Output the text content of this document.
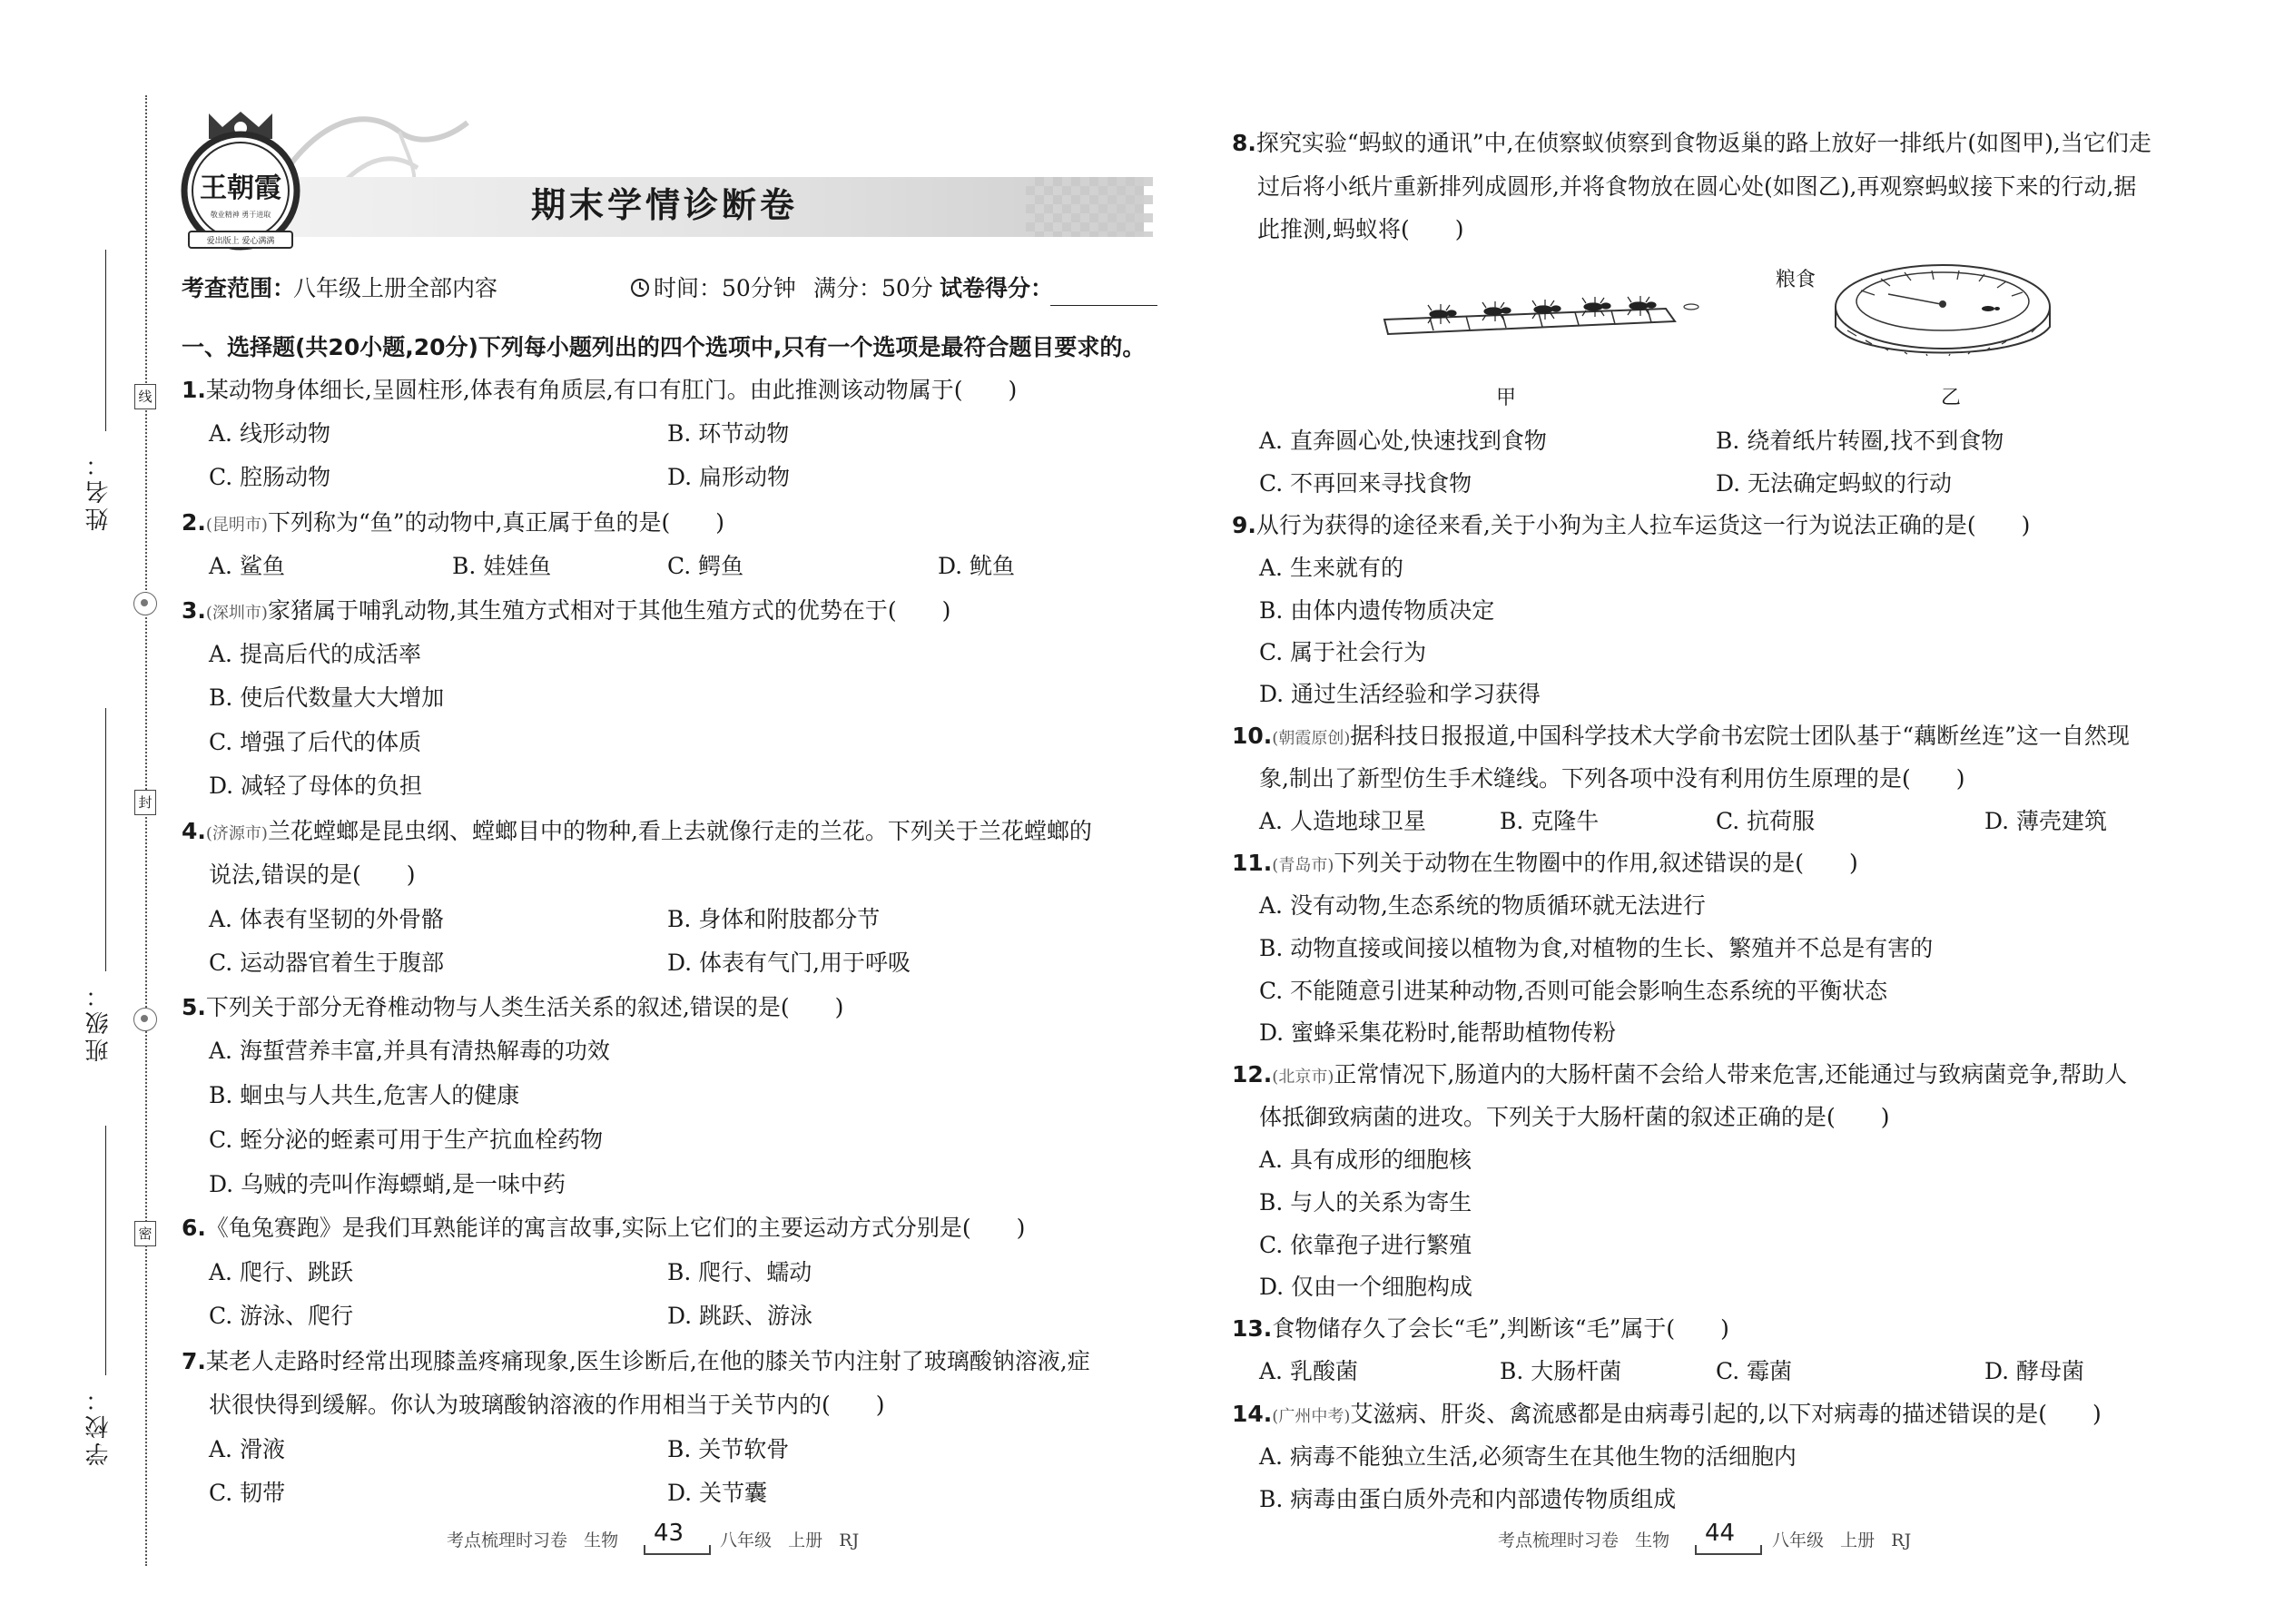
姓名：
班级：
学校：
线
封
密
王朝霞
敬业精神 勇于进取
爱出版上 爱心满满
期末学情诊断卷
考查范围：
八年级上册全部内容	时间：50分钟 满分：50分 试卷得分：
一、选择题(共20小题,20分)下列每小题列出的四个选项中,只有一个选项是最符合题目要求的。
1.某动物身体细长,呈圆柱形,体表有角质层,有口有肛门。由此推测该动物属于(　　)
A. 线形动物	B. 环节动物
C. 腔肠动物	D. 扁形动物
2.(昆明市)下列称为“鱼”的动物中,真正属于鱼的是(　　)
A. 鲨鱼	B. 娃娃鱼	C. 鳄鱼	D. 鱿鱼
3.(深圳市)家猪属于哺乳动物,其生殖方式相对于其他生殖方式的优势在于(　　)
A. 提高后代的成活率
B. 使后代数量大大增加
C. 增强了后代的体质
D. 减轻了母体的负担
4.(济源市)兰花螳螂是昆虫纲、螳螂目中的物种,看上去就像行走的兰花。下列关于兰花螳螂的
说法,错误的是(　　)
A. 体表有坚韧的外骨骼	B. 身体和附肢都分节
C. 运动器官着生于腹部	D. 体表有气门,用于呼吸
5.下列关于部分无脊椎动物与人类生活关系的叙述,错误的是(　　)
A. 海蜇营养丰富,并具有清热解毒的功效
B. 蛔虫与人共生,危害人的健康
C. 蛭分泌的蛭素可用于生产抗血栓药物
D. 乌贼的壳叫作海螵蛸,是一味中药
6.《龟兔赛跑》是我们耳熟能详的寓言故事,实际上它们的主要运动方式分别是(　　)
A. 爬行、跳跃	B. 爬行、蠕动
C. 游泳、爬行	D. 跳跃、游泳
7.某老人走路时经常出现膝盖疼痛现象,医生诊断后,在他的膝关节内注射了玻璃酸钠溶液,症
状很快得到缓解。你认为玻璃酸钠溶液的作用相当于关节内的(　　)
A. 滑液	B. 关节软骨
C. 韧带	D. 关节囊
考点梳理时习卷 生物 43 八年级 上册 RJ
8.探究实验“蚂蚁的通讯”中,在侦察蚁侦察到食物返巢的路上放好一排纸片(如图甲),当它们走
过后将小纸片重新排列成圆形,并将食物放在圆心处(如图乙),再观察蚂蚁接下来的行动,据
此推测,蚂蚁将(　　)
粮食
甲	乙
A. 直奔圆心处,快速找到食物	B. 绕着纸片转圈,找不到食物
C. 不再回来寻找食物	D. 无法确定蚂蚁的行动
9.从行为获得的途径来看,关于小狗为主人拉车运货这一行为说法正确的是(　　)
A. 生来就有的
B. 由体内遗传物质决定
C. 属于社会行为
D. 通过生活经验和学习获得
10.(朝霞原创)据科技日报报道,中国科学技术大学俞书宏院士团队基于“藕断丝连”这一自然现
象,制出了新型仿生手术缝线。下列各项中没有利用仿生原理的是(　　)
A. 人造地球卫星	B. 克隆牛	C. 抗荷服	D. 薄壳建筑
11.(青岛市)下列关于动物在生物圈中的作用,叙述错误的是(　　)
A. 没有动物,生态系统的物质循环就无法进行
B. 动物直接或间接以植物为食,对植物的生长、繁殖并不总是有害的
C. 不能随意引进某种动物,否则可能会影响生态系统的平衡状态
D. 蜜蜂采集花粉时,能帮助植物传粉
12.(北京市)正常情况下,肠道内的大肠杆菌不会给人带来危害,还能通过与致病菌竞争,帮助人
体抵御致病菌的进攻。下列关于大肠杆菌的叙述正确的是(　　)
A. 具有成形的细胞核
B. 与人的关系为寄生
C. 依靠孢子进行繁殖
D. 仅由一个细胞构成
13.食物储存久了会长“毛”,判断该“毛”属于(　　)
A. 乳酸菌	B. 大肠杆菌	C. 霉菌	D. 酵母菌
14.(广州中考)艾滋病、肝炎、禽流感都是由病毒引起的,以下对病毒的描述错误的是(　　)
A. 病毒不能独立生活,必须寄生在其他生物的活细胞内
B. 病毒由蛋白质外壳和内部遗传物质组成
考点梳理时习卷 生物 44 八年级 上册 RJ
